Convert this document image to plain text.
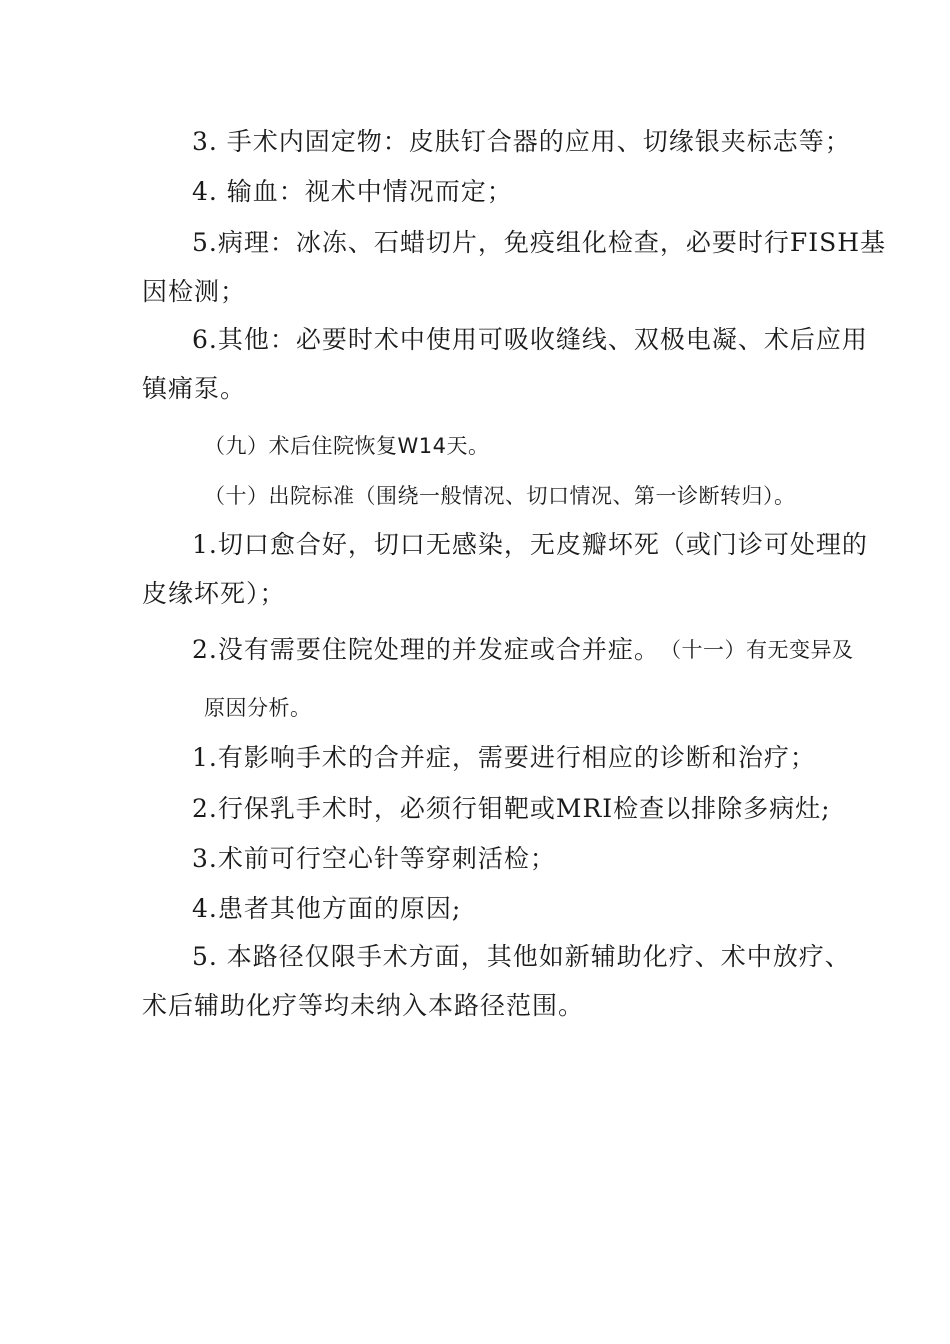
3. 手术内固定物：皮肤钉合器的应用、切缘银夹标志等；
4. 输血：视术中情况而定；
5.病理：冰冻、石蜡切片，免疫组化检查，必要时行FISH基
因检测；
6.其他：必要时术中使用可吸收缝线、双极电凝、术后应用
镇痛泵。
（九）术后住院恢复W14天。
（十）出院标准（围绕一般情况、切口情况、第一诊断转归）。
1.切口愈合好，切口无感染，无皮瓣坏死（或门诊可处理的
皮缘坏死）；
2.没有需要住院处理的并发症或合并症。 （十一）有无变异及
原因分析。
1.有影响手术的合并症，需要进行相应的诊断和治疗；
2.行保乳手术时，必须行钼靶或MRI检查以排除多病灶;
3.术前可行空心针等穿刺活检；
4.患者其他方面的原因;
5. 本路径仅限手术方面，其他如新辅助化疗、术中放疗、
术后辅助化疗等均未纳入本路径范围。
